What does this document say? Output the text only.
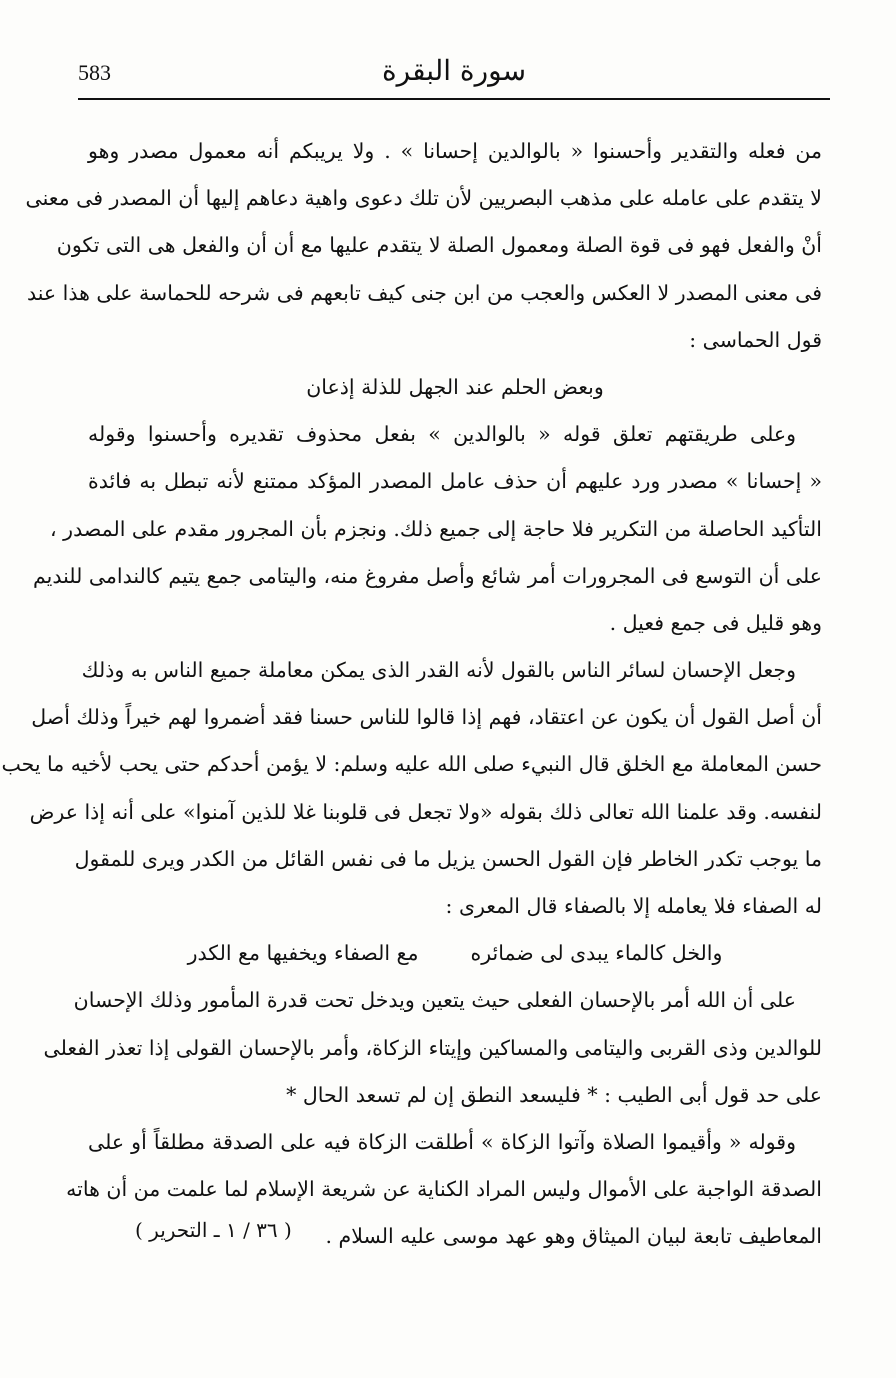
583	سورة البقرة
من فعله والتقدير وأحسنوا « بالوالدين إحسانا » . ولا يريبكم أنه معمول مصدر وهو
لا يتقدم على عامله على مذهب البصريين لأن تلك دعوى واهية دعاهم إليها أن المصدر فى معنى
أنْ والفعل فهو فى قوة الصلة ومعمول الصلة لا يتقدم عليها مع أن أن والفعل هى التى تكون
فى معنى المصدر لا العكس والعجب من ابن جنى كيف تابعهم فى شرحه للحماسة على هذا عند
قول الحماسى :
وبعض الحلم عند الجهل للذلة إذعان
وعلى طريقتهم تعلق قوله « بالوالدين » بفعل محذوف تقديره وأحسنوا وقوله
« إحسانا » مصدر ورد عليهم أن حذف عامل المصدر المؤكد ممتنع لأنه تبطل به فائدة
التأكيد الحاصلة من التكرير فلا حاجة إلى جميع ذلك. ونجزم بأن المجرور مقدم على المصدر ،
على أن التوسع فى المجرورات أمر شائع وأصل مفروغ منه، واليتامى جمع يتيم كالندامى للنديم
وهو قليل فى جمع فعيل .
وجعل الإحسان لسائر الناس بالقول لأنه القدر الذى يمكن معاملة جميع الناس به وذلك
أن أصل القول أن يكون عن اعتقاد، فهم إذا قالوا للناس حسنا فقد أضمروا لهم خيراً وذلك أصل
حسن المعاملة مع الخلق قال النبيء صلى الله عليه وسلم: لا يؤمن أحدكم حتى يحب لأخيه ما يحب
لنفسه. وقد علمنا الله تعالى ذلك بقوله «ولا تجعل فى قلوبنا غلا للذين آمنوا» على أنه إذا عرض
ما يوجب تكدر الخاطر فإن القول الحسن يزيل ما فى نفس القائل من الكدر ويرى للمقول
له الصفاء فلا يعامله إلا بالصفاء قال المعرى :
والخل كالماء يبدى لى ضمائره
مع الصفاء ويخفيها مع الكدر
على أن الله أمر بالإحسان الفعلى حيث يتعين ويدخل تحت قدرة المأمور وذلك الإحسان
للوالدين وذى القربى واليتامى والمساكين وإيتاء الزكاة، وأمر بالإحسان القولى إذا تعذر الفعلى
على حد قول أبى الطيب : * فليسعد النطق إن لم تسعد الحال *
وقوله « وأقيموا الصلاة وآتوا الزكاة » أطلقت الزكاة فيه على الصدقة مطلقاً أو على
الصدقة الواجبة على الأموال وليس المراد الكناية عن شريعة الإسلام لما علمت من أن هاته
المعاطيف تابعة لبيان الميثاق وهو عهد موسى عليه السلام .
( ٣٦ / ١ ـ التحرير )
